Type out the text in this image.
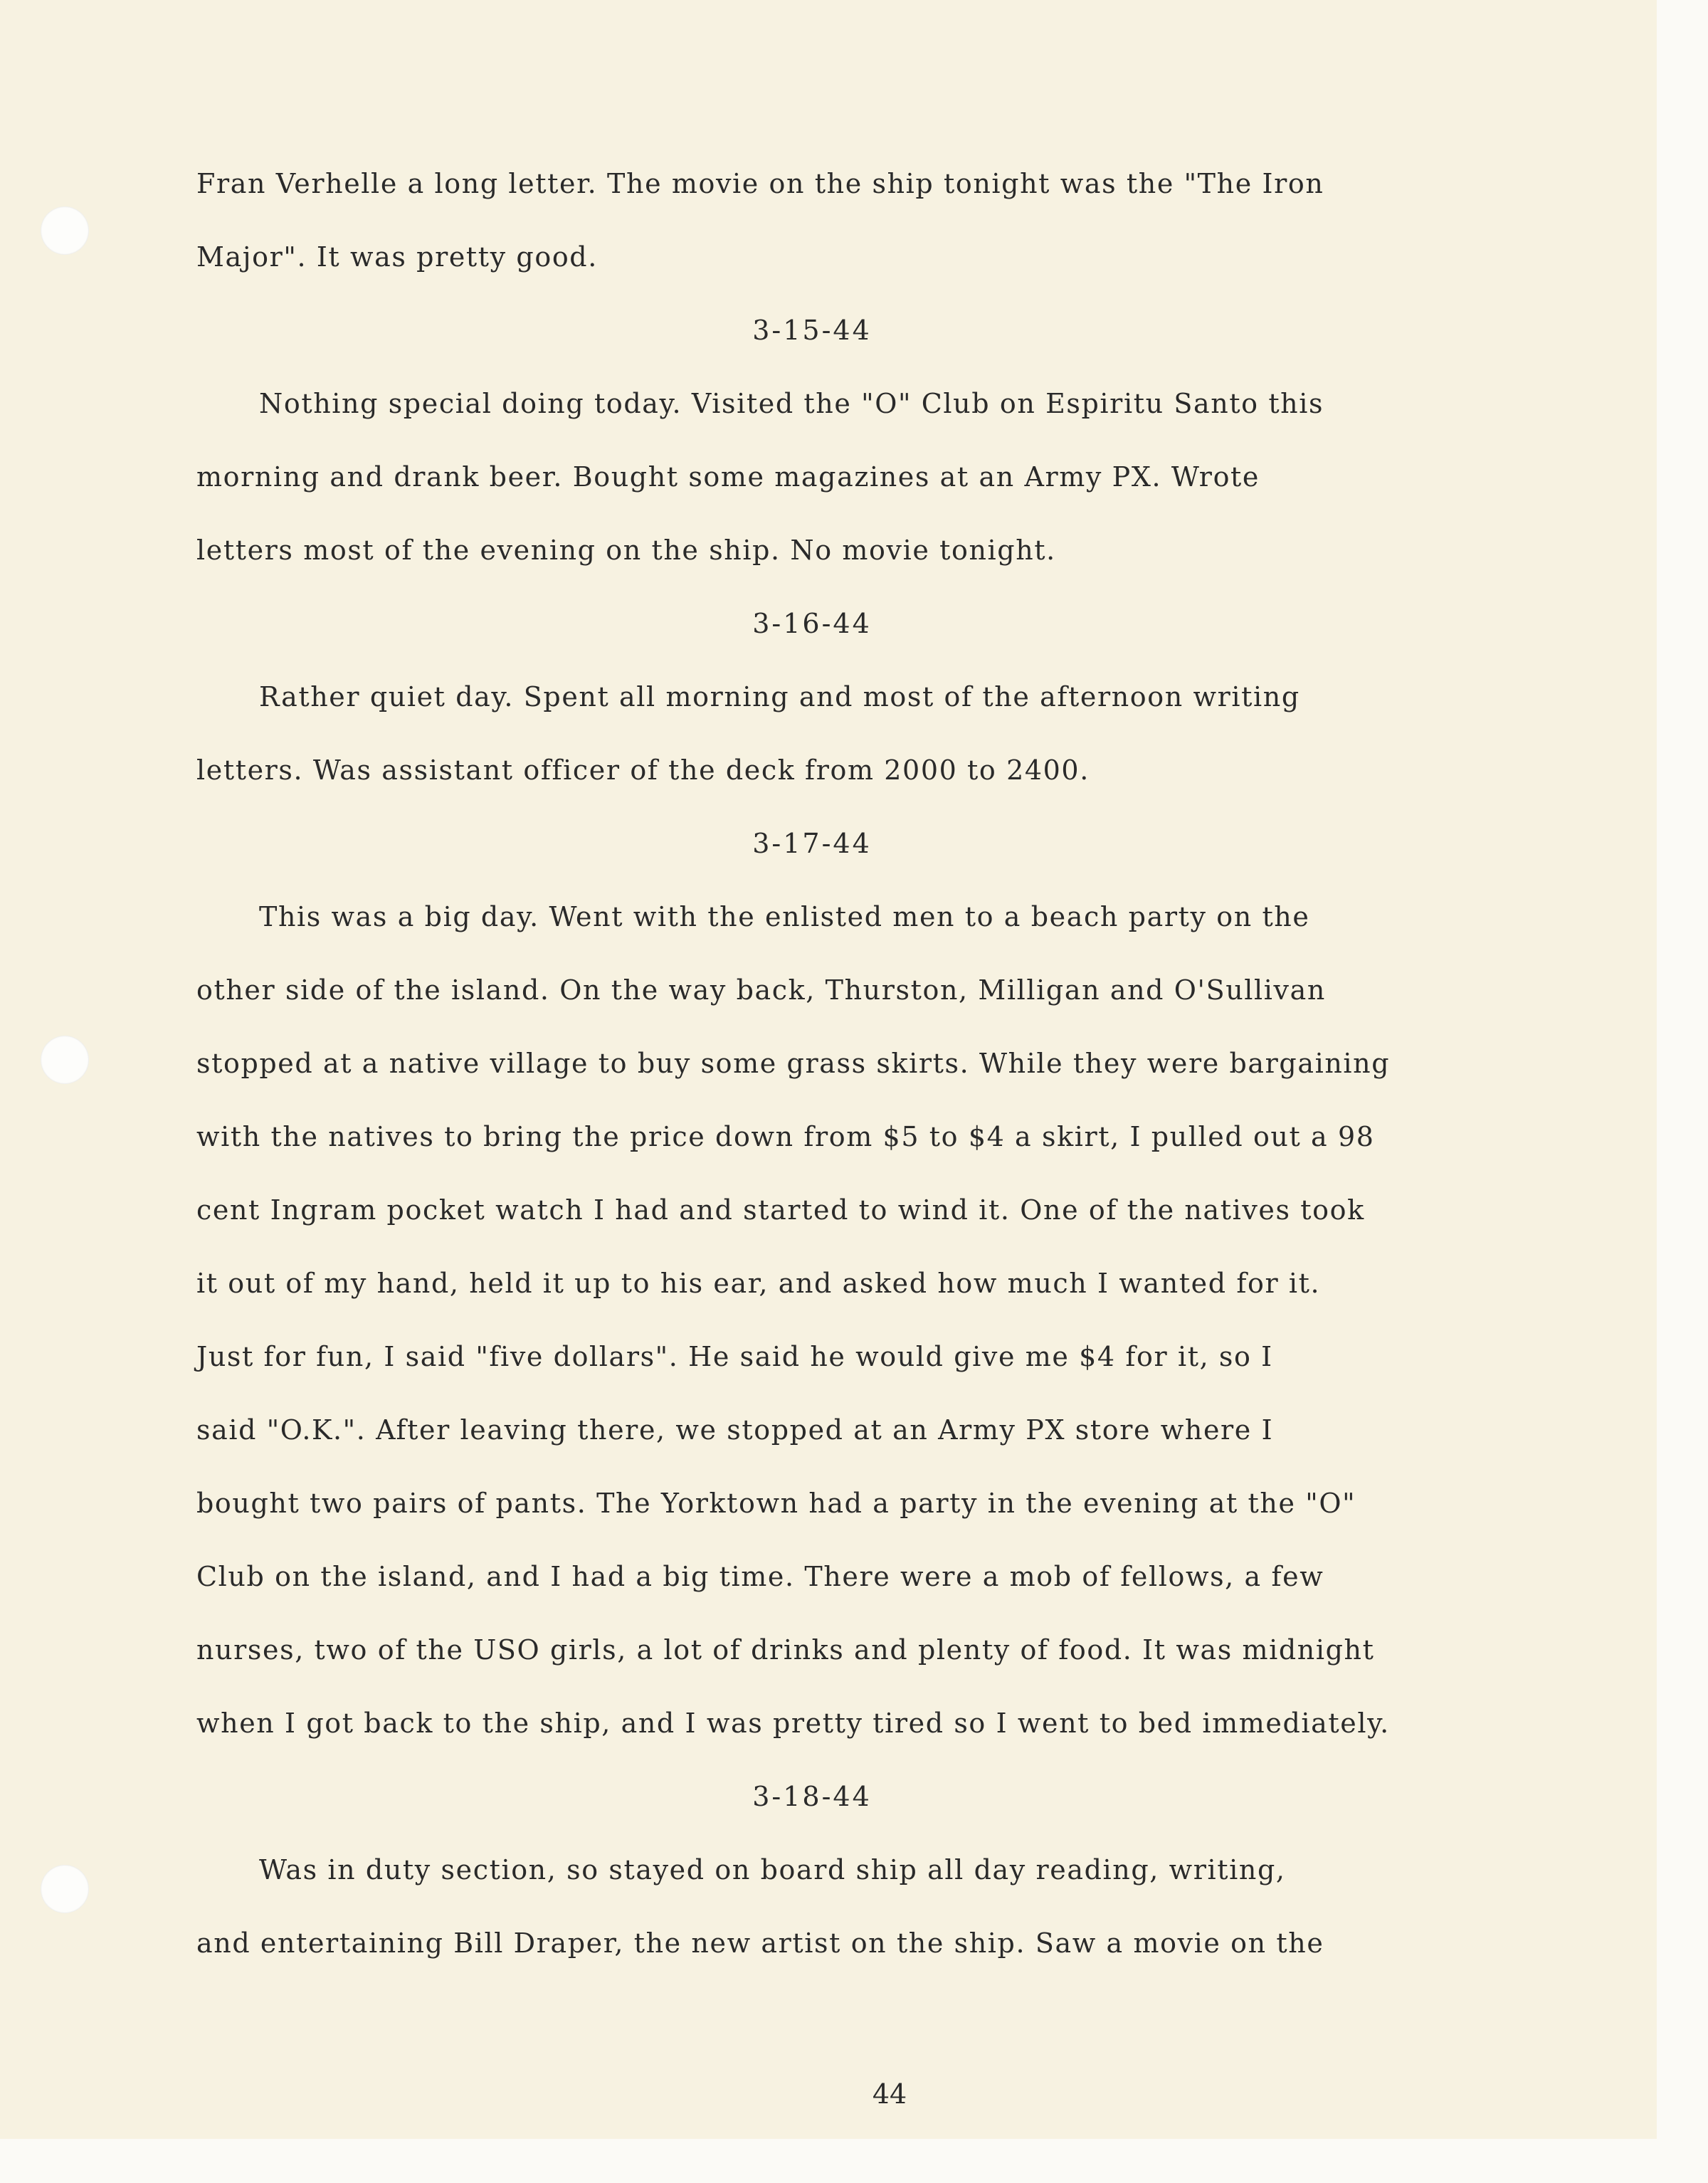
Fran Verhelle a long letter. The movie on the ship tonight was the "The Iron
Major". It was pretty good.
3-15-44
Nothing special doing today. Visited the "O" Club on Espiritu Santo this
morning and drank beer. Bought some magazines at an Army PX. Wrote
letters most of the evening on the ship. No movie tonight.
3-16-44
Rather quiet day. Spent all morning and most of the afternoon writing
letters. Was assistant officer of the deck from 2000 to 2400.
3-17-44
This was a big day. Went with the enlisted men to a beach party on the
other side of the island. On the way back, Thurston, Milligan and O'Sullivan
stopped at a native village to buy some grass skirts. While they were bargaining
with the natives to bring the price down from $5 to $4 a skirt, I pulled out a 98
cent Ingram pocket watch I had and started to wind it. One of the natives took
it out of my hand, held it up to his ear, and asked how much I wanted for it.
Just for fun, I said "five dollars". He said he would give me $4 for it, so I
said "O.K.". After leaving there, we stopped at an Army PX store where I
bought two pairs of pants. The Yorktown had a party in the evening at the "O"
Club on the island, and I had a big time. There were a mob of fellows, a few
nurses, two of the USO girls, a lot of drinks and plenty of food. It was midnight
when I got back to the ship, and I was pretty tired so I went to bed immediately.
3-18-44
Was in duty section, so stayed on board ship all day reading, writing,
and entertaining Bill Draper, the new artist on the ship. Saw a movie on the
44
